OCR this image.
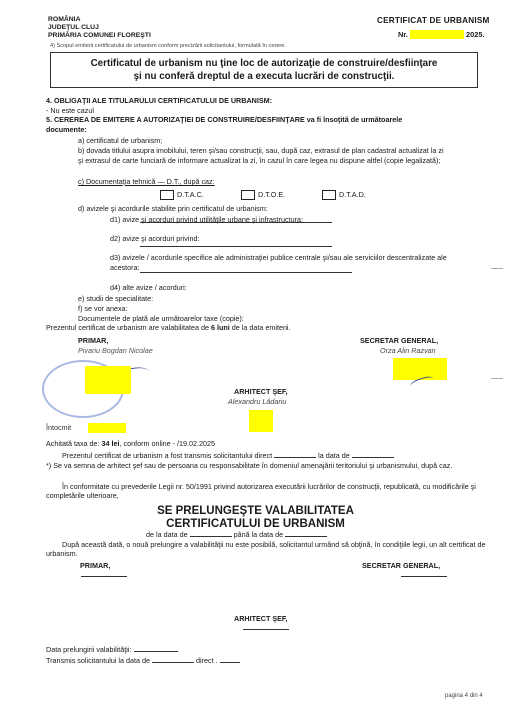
ROMÂNIA
JUDEŢUL CLUJ
PRIMĂRIA COMUNEI FLOREŞTI
CERTIFICAT DE URBANISM
Nr.	2025.
4) Scopul emiterii certificatului de urbanism conform precizării solicitantului, formulată în cerere.
Certificatul de urbanism nu ţine loc de autorizaţie de construire/desfiinţare
şi nu conferă dreptul de a executa lucrări de construcţii.
4. OBLIGAŢII ALE TITULARULUI CERTIFICATULUI DE URBANISM:
- Nu este cazul
5. CEREREA DE EMITERE A AUTORIZAŢIEI DE CONSTRUIRE/DESFIINŢARE va fi însoţită de următoarele
documente:
a) certificatul de urbanism;
b) dovada titlului asupra imobilului, teren şi/sau construcţii, sau, după caz, extrasul de plan cadastral actualizat la zi
şi extrasul de carte funciară de informare actualizat la zi, în cazul în care legea nu dispune altfel (copie legalizată);
c) Documentaţia tehnică — D.T., după caz:
D.T.A.C.	D.T.O.E.	D.T.A.D.
d) avizele şi acordurile stabilite prin certificatul de urbanism:
d1) avize şi acorduri privind utilităţile urbane şi infrastructura:
d2) avize şi acorduri privind:
d3) avizele / acordurile specifice ale administraţiei publice centrale şi/sau ale serviciilor descentralizate ale
acestora:
d4) alte avize / acorduri:
e) studii de specialitate:
f) se vor anexa:
Documentele de plată ale următoarelor taxe (copie):
Prezentul certificat de urbanism are valabilitatea de 6 luni de la data emiterii.
PRIMAR,
Pivariu Bogdan Nicolae
SECRETAR GENERAL,
Orza Alin Razvan
ARHITECT ŞEF,
Alexandru Lădariu
Întocmit
Achitată taxa de: 34 lei, conform online - /19.02.2025
Prezentul certificat de urbanism a fost transmis solicitantului direct	la data de
*) Se va semna de arhitect şef sau de persoana cu responsabilitate în domeniul amenajării teritoriului şi urbanismului, după caz.
În conformitate cu prevederile Legii nr. 50/1991 privind autorizarea executării lucrărilor de construcţii, republicată, cu modificările şi completările ulterioare,
SE PRELUNGEŞTE VALABILITATEA
CERTIFICATULUI DE URBANISM
de la data de	până la data de
După această dată, o nouă prelungire a valabilităţii nu este posibilă, solicitantul urmând să obţină, în condiţiile legii, un alt certificat de urbanism.
PRIMAR,	SECRETAR GENERAL,
ARHITECT ŞEF,
Data prelungirii valabilităţii:
Transmis solicitantului la data de	direct .
pagina 4 din 4
